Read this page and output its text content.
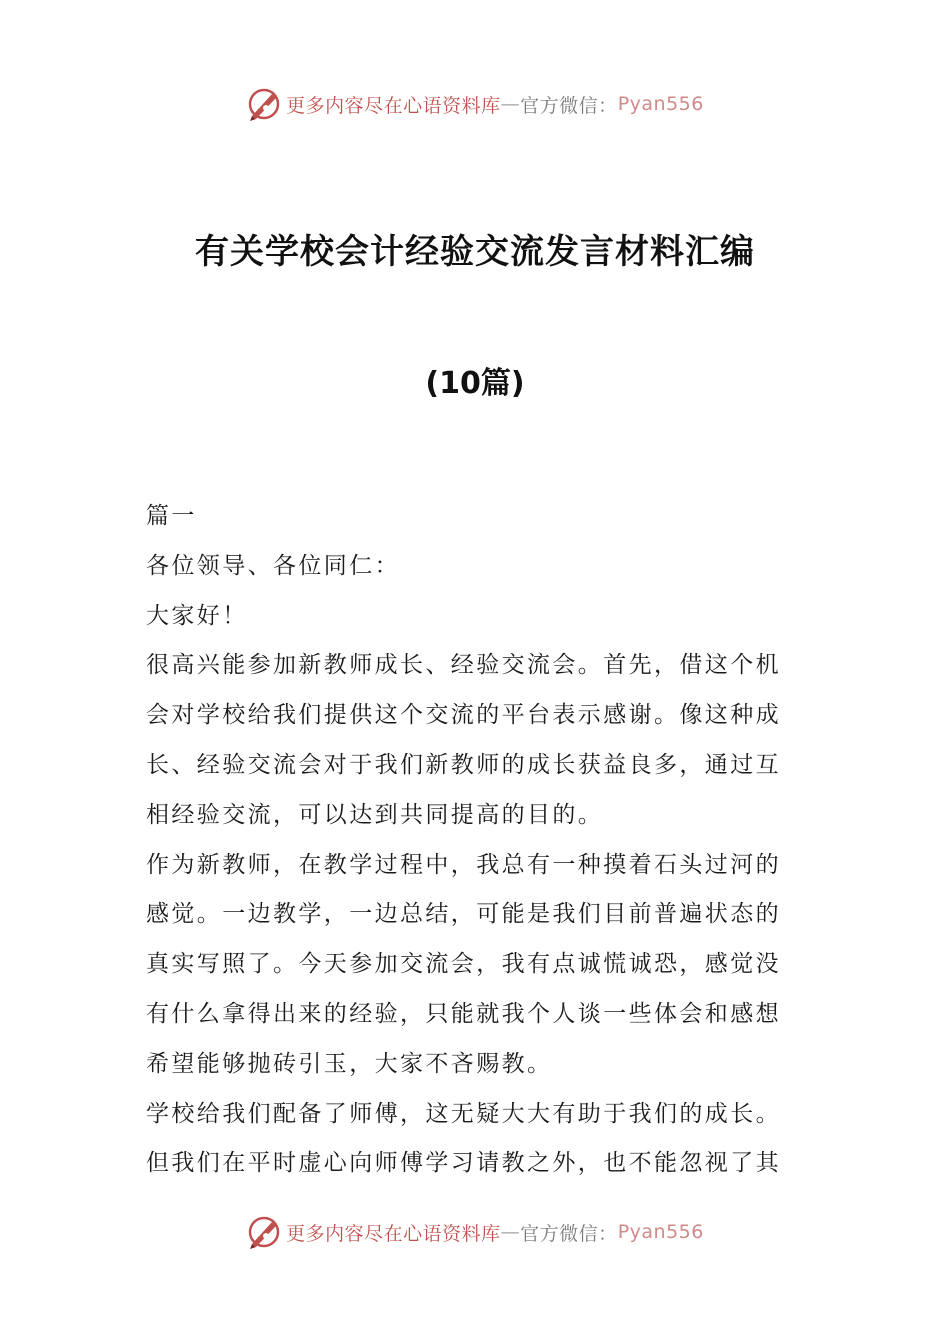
更多内容尽在心语资料库 — 官方微信： Pyan556
有关学校会计经验交流发言材料汇编
(10篇)

篇一

各位领导、各位同仁：

大家好！

很高兴能参加新教师成长、经验交流会。首先，借这个机

会对学校给我们提供这个交流的平台表示感谢。像这种成

长、经验交流会对于我们新教师的成长获益良多，通过互

相经验交流，可以达到共同提高的目的。

作为新教师，在教学过程中，我总有一种摸着石头过河的

感觉。一边教学，一边总结，可能是我们目前普遍状态的

真实写照了。今天参加交流会，我有点诚慌诚恐，感觉没

有什么拿得出来的经验，只能就我个人谈一些体会和感想

希望能够抛砖引玉，大家不吝赐教。

学校给我们配备了师傅，这无疑大大有助于我们的成长。

但我们在平时虚心向师傅学习请教之外，也不能忽视了其

更多内容尽在心语资料库 — 官方微信： Pyan556
